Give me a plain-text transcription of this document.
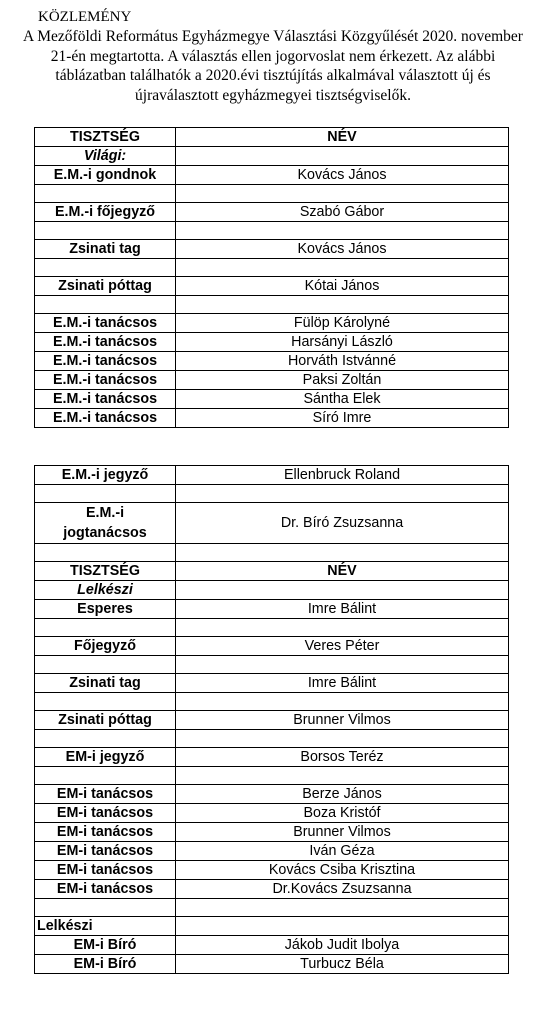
KÖZLEMÉNY

A Mezőföldi Református Egyházmegye Választási Közgyűlését 2020. november 21-én megtartotta. A választás ellen jogorvoslat nem érkezett. Az alábbi táblázatban találhatók a 2020.évi tisztújítás alkalmával választott új és újraválasztott egyházmegyei tisztségviselők.

TISZTSÉG	NÉV
Világi:	
E.M.-i gondnok	Kovács János

E.M.-i főjegyző	Szabó Gábor

Zsinati tag	Kovács János

Zsinati póttag	Kótai János

E.M.-i tanácsos	Fülöp Károlyné
E.M.-i tanácsos	Harsányi László
E.M.-i tanácsos	Horváth Istvánné
E.M.-i tanácsos	Paksi Zoltán
E.M.-i tanácsos	Sántha Elek
E.M.-i tanácsos	Síró Imre
E.M.-i jegyző	Ellenbruck Roland

E.M.-i jogtanácsos	Dr. Bíró Zsuzsanna

TISZTSÉG	NÉV
Lelkészi	
Esperes	Imre Bálint

Főjegyző	Veres Péter

Zsinati tag	Imre Bálint

Zsinati póttag	Brunner Vilmos

EM-i jegyző	Borsos Teréz

EM-i tanácsos	Berze János
EM-i tanácsos	Boza Kristóf
EM-i tanácsos	Brunner Vilmos
EM-i tanácsos	Iván Géza
EM-i tanácsos	Kovács Csiba Krisztina
EM-i tanácsos	Dr.Kovács Zsuzsanna

Lelkészi	
EM-i Bíró	Jákob Judit Ibolya
EM-i Bíró	Turbucz Béla
